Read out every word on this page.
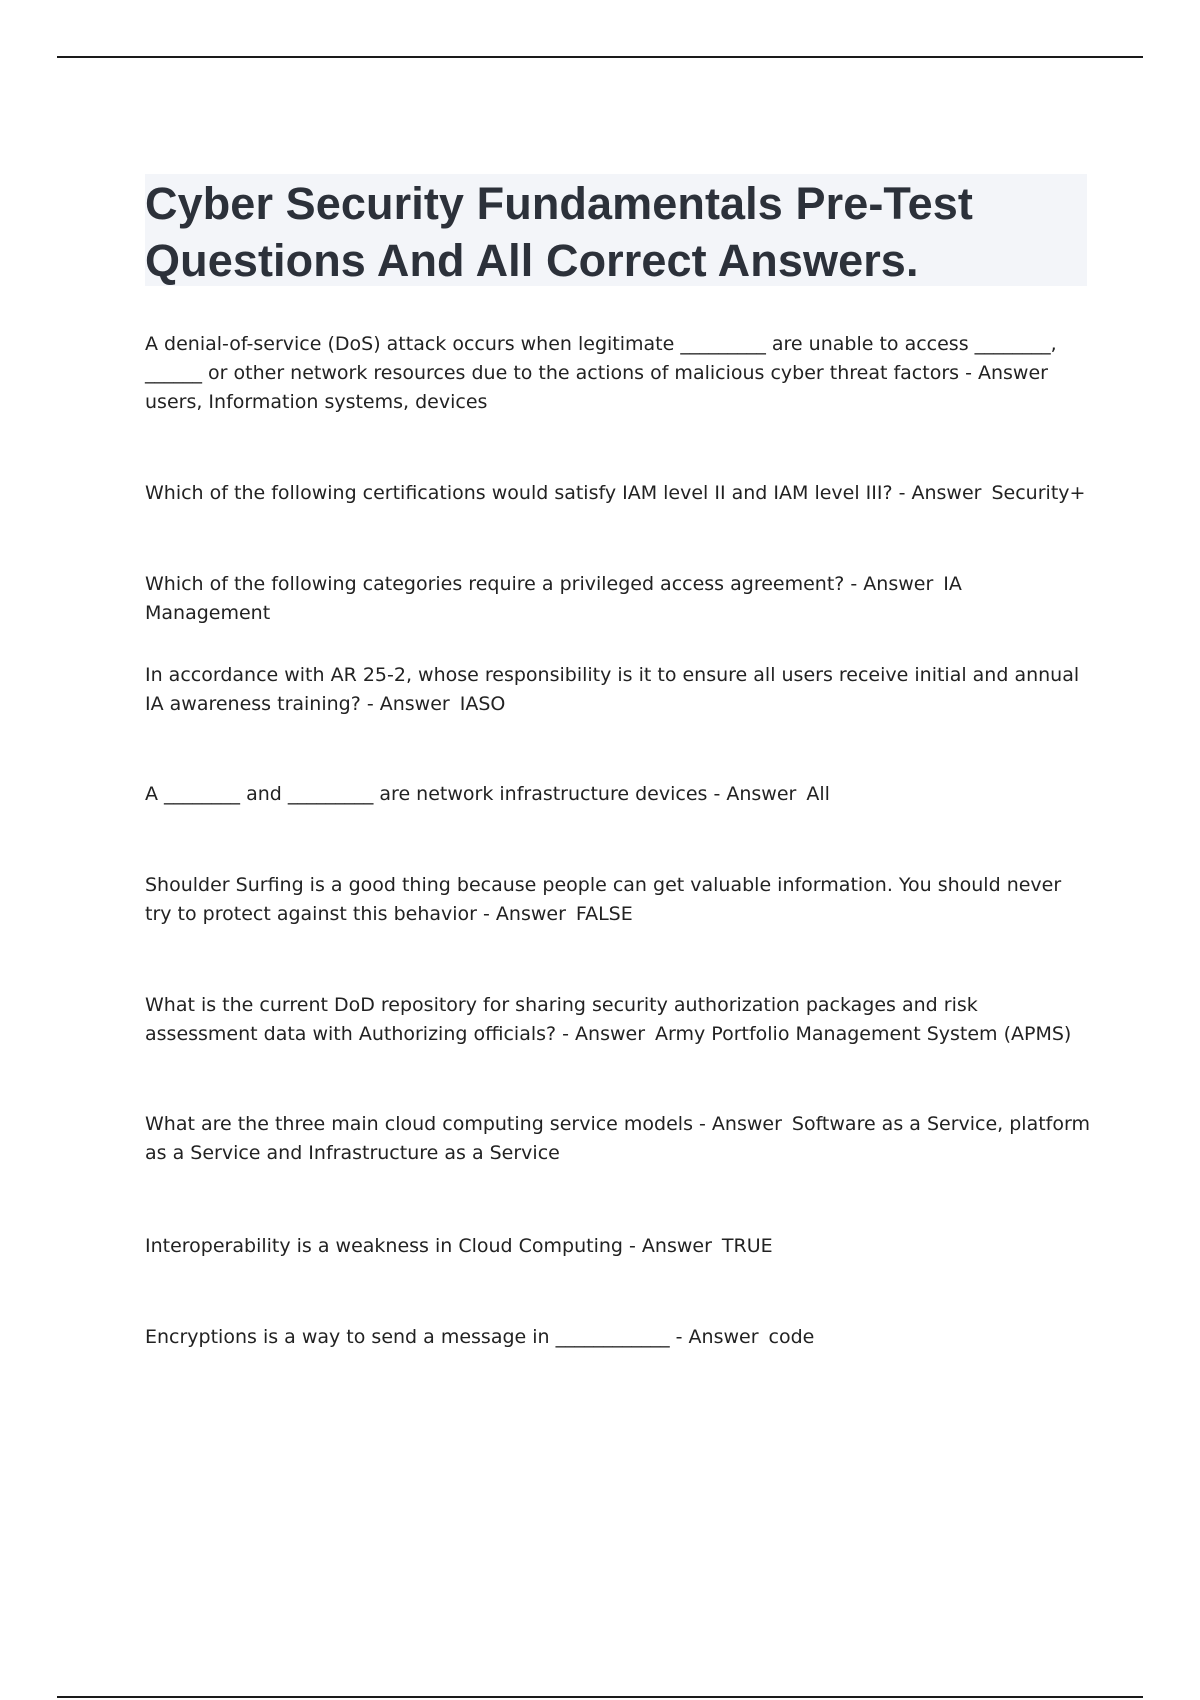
Cyber Security Fundamentals Pre-Test Questions And All Correct Answers.
A denial-of-service (DoS) attack occurs when legitimate _________ are unable to access ________, ______ or other network resources due to the actions of malicious cyber threat factors - Answerusers, Information systems, devices
Which of the following certifications would satisfy IAM level II and IAM level III? - Answer Security+
Which of the following categories require a privileged access agreement? - Answer IA Management
In accordance with AR 25-2, whose responsibility is it to ensure all users receive initial and annual IA awareness training? - Answer IASO
A ________ and _________ are network infrastructure devices - Answer All
Shoulder Surfing is a good thing because people can get valuable information. You should never try to protect against this behavior - Answer FALSE
What is the current DoD repository for sharing security authorization packages and risk assessment data with Authorizing officials? - Answer Army Portfolio Management System (APMS)
What are the three main cloud computing service models - Answer Software as a Service, platform as a Service and Infrastructure as a Service
Interoperability is a weakness in Cloud Computing - Answer TRUE
Encryptions is a way to send a message in ____________ - Answer code
